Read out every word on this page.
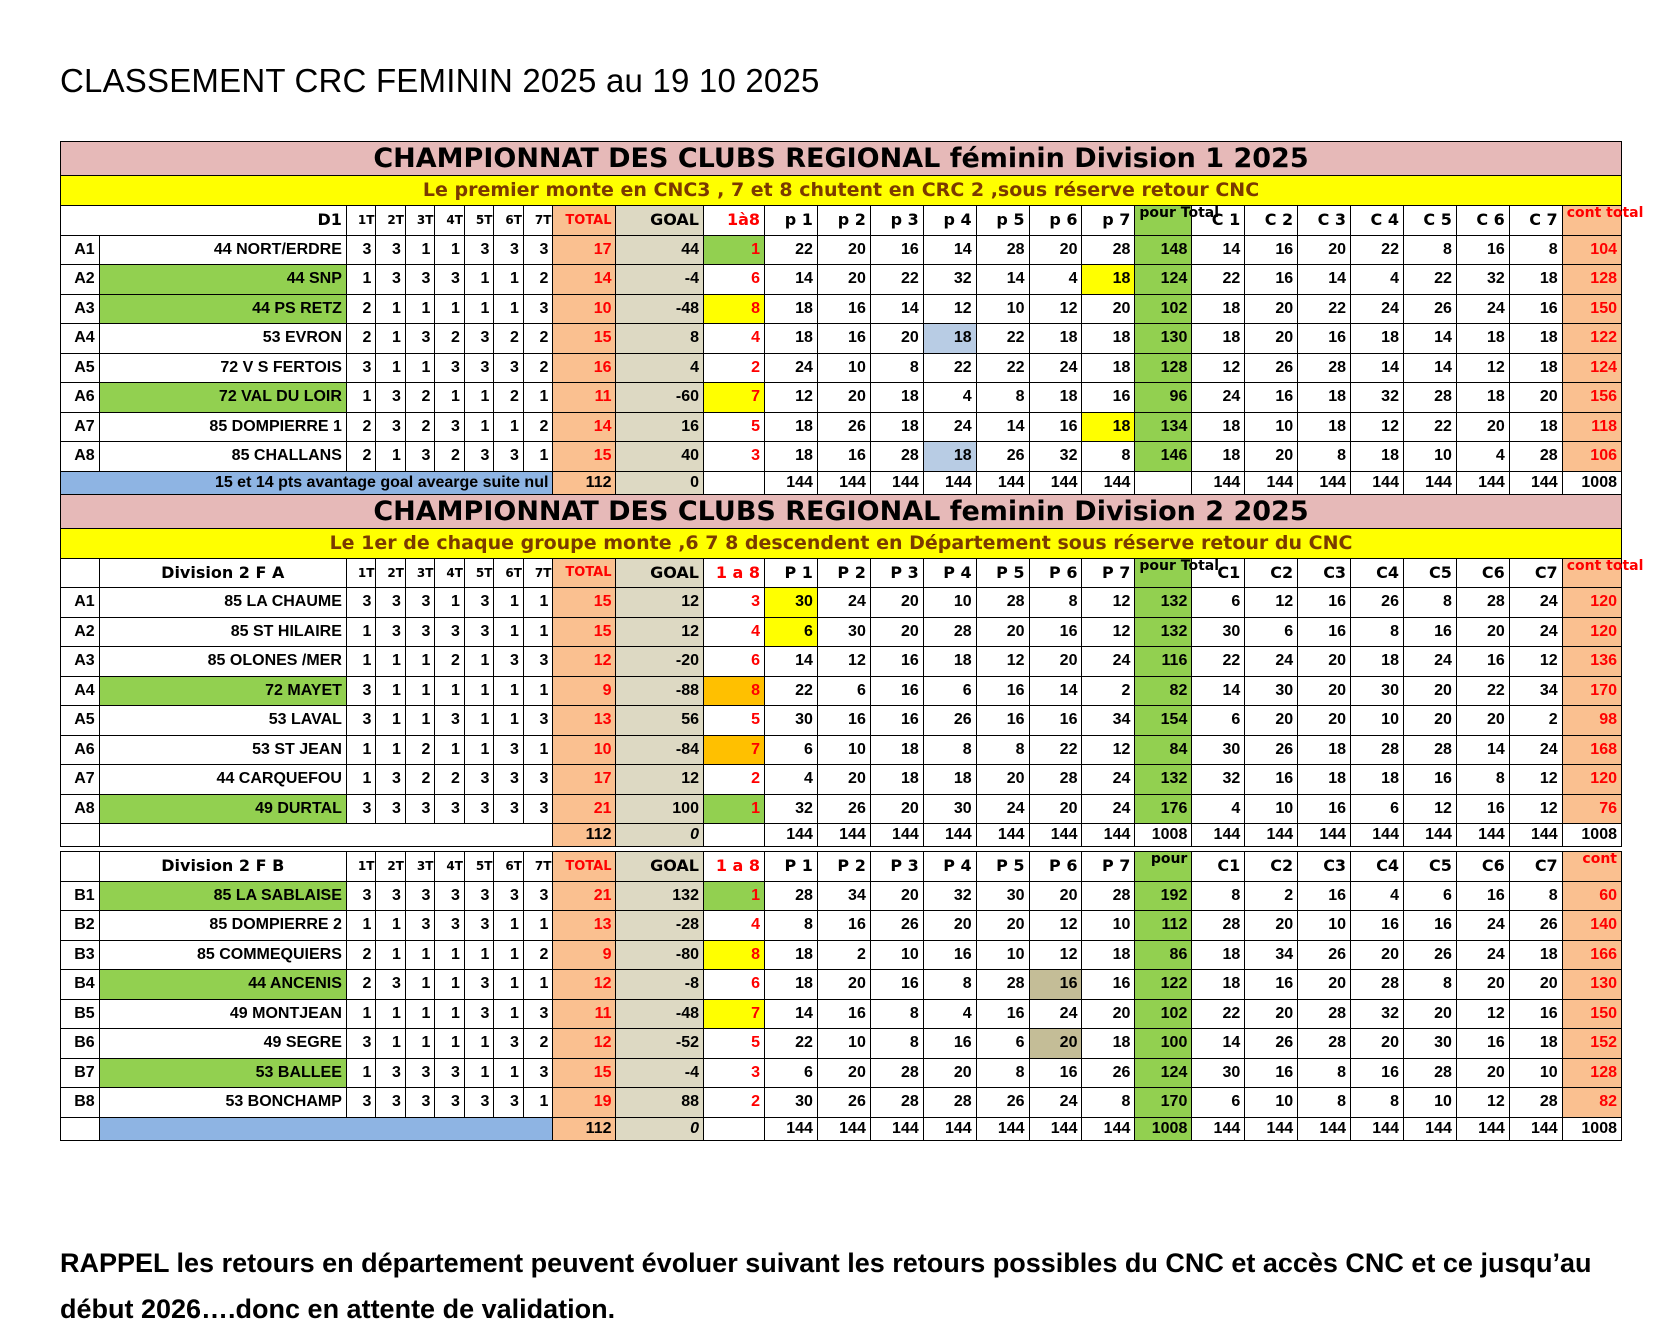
CLASSEMENT CRC FEMININ 2025 au 19 10 2025
CHAMPIONNAT DES CLUBS REGIONAL féminin Division 1 2025																											
Le premier monte en CNC3 , 7 et 8 chutent en CRC 2 ,sous réserve retour CNC																											
D1		1T	2T	3T	4T	5T	6T	7T	TOTAL	GOAL	1à8	p 1	p 2	p 3	p 4	p 5	p 6	p 7	pour Total	C 1	C 2	C 3	C 4	C 5	C 6	C 7	cont total
A1	44 NORT/ERDRE	3	3	1	1	3	3	3	17	44	1	22	20	16	14	28	20	28	148	14	16	20	22	8	16	8	104
A2	44 SNP	1	3	3	3	1	1	2	14	-4	6	14	20	22	32	14	4	18	124	22	16	14	4	22	32	18	128
A3	44 PS RETZ	2	1	1	1	1	1	3	10	-48	8	18	16	14	12	10	12	20	102	18	20	22	24	26	24	16	150
A4	53 EVRON	2	1	3	2	3	2	2	15	8	4	18	16	20	18	22	18	18	130	18	20	16	18	14	18	18	122
A5	72 V S FERTOIS	3	1	1	3	3	3	2	16	4	2	24	10	8	22	22	24	18	128	12	26	28	14	14	12	18	124
A6	72 VAL DU LOIR	1	3	2	1	1	2	1	11	-60	7	12	20	18	4	8	18	16	96	24	16	18	32	28	18	20	156
A7	85 DOMPIERRE 1	2	3	2	3	1	1	2	14	16	5	18	26	18	24	14	16	18	134	18	10	18	12	22	20	18	118
A8	85 CHALLANS	2	1	3	2	3	3	1	15	40	3	18	16	28	18	26	32	8	146	18	20	8	18	10	4	28	106
15 et 14 pts avantage goal avearge suite nul									112	0		144	144	144	144	144	144	144		144	144	144	144	144	144	144	1008
CHAMPIONNAT DES CLUBS REGIONAL feminin Division 2 2025																											
Le 1er de chaque groupe monte ,6 7 8 descendent en Département sous réserve retour du CNC																											
	Division 2 F A	1T	2T	3T	4T	5T	6T	7T	TOTAL	GOAL	1 a 8	P 1	P 2	P 3	P 4	P 5	P 6	P 7	pour Total	C1	C2	C3	C4	C5	C6	C7	cont total
A1	85 LA CHAUME	3	3	3	1	3	1	1	15	12	3	30	24	20	10	28	8	12	132	6	12	16	26	8	28	24	120
A2	85 ST HILAIRE	1	3	3	3	3	1	1	15	12	4	6	30	20	28	20	16	12	132	30	6	16	8	16	20	24	120
A3	85 OLONES /MER	1	1	1	2	1	3	3	12	-20	6	14	12	16	18	12	20	24	116	22	24	20	18	24	16	12	136
A4	72 MAYET	3	1	1	1	1	1	1	9	-88	8	22	6	16	6	16	14	2	82	14	30	20	30	20	22	34	170
A5	53 LAVAL	3	1	1	3	1	1	3	13	56	5	30	16	16	26	16	16	34	154	6	20	20	10	20	20	2	98
A6	53 ST JEAN	1	1	2	1	1	3	1	10	-84	7	6	10	18	8	8	22	12	84	30	26	18	28	28	14	24	168
A7	44 CARQUEFOU	1	3	2	2	3	3	3	17	12	2	4	20	18	18	20	28	24	132	32	16	18	18	16	8	12	120
A8	49 DURTAL	3	3	3	3	3	3	3	21	100	1	32	26	20	30	24	20	24	176	4	10	16	6	12	16	12	76
									112	0		144	144	144	144	144	144	144	1008	144	144	144	144	144	144	144	1008

	Division 2 F B	1T	2T	3T	4T	5T	6T	7T	TOTAL	GOAL	1 a 8	P 1	P 2	P 3	P 4	P 5	P 6	P 7	pour	C1	C2	C3	C4	C5	C6	C7	cont
B1	85 LA SABLAISE	3	3	3	3	3	3	3	21	132	1	28	34	20	32	30	20	28	192	8	2	16	4	6	16	8	60
B2	85 DOMPIERRE 2	1	1	3	3	3	1	1	13	-28	4	8	16	26	20	20	12	10	112	28	20	10	16	16	24	26	140
B3	85 COMMEQUIERS	2	1	1	1	1	1	2	9	-80	8	18	2	10	16	10	12	18	86	18	34	26	20	26	24	18	166
B4	44 ANCENIS	2	3	1	1	3	1	1	12	-8	6	18	20	16	8	28	16	16	122	18	16	20	28	8	20	20	130
B5	49 MONTJEAN	1	1	1	1	3	1	3	11	-48	7	14	16	8	4	16	24	20	102	22	20	28	32	20	12	16	150
B6	49 SEGRE	3	1	1	1	1	3	2	12	-52	5	22	10	8	16	6	20	18	100	14	26	28	20	30	16	18	152
B7	53 BALLEE	1	3	3	3	1	1	3	15	-4	3	6	20	28	20	8	16	26	124	30	16	8	16	28	20	10	128
B8	53 BONCHAMP	3	3	3	3	3	3	1	19	88	2	30	26	28	28	26	24	8	170	6	10	8	8	10	12	28	82
									112	0		144	144	144	144	144	144	144	1008	144	144	144	144	144	144	144	1008
RAPPEL les retours en département peuvent évoluer suivant les retours possibles du CNC et accès CNC et ce jusqu’au début 2026….donc en attente de validation.
